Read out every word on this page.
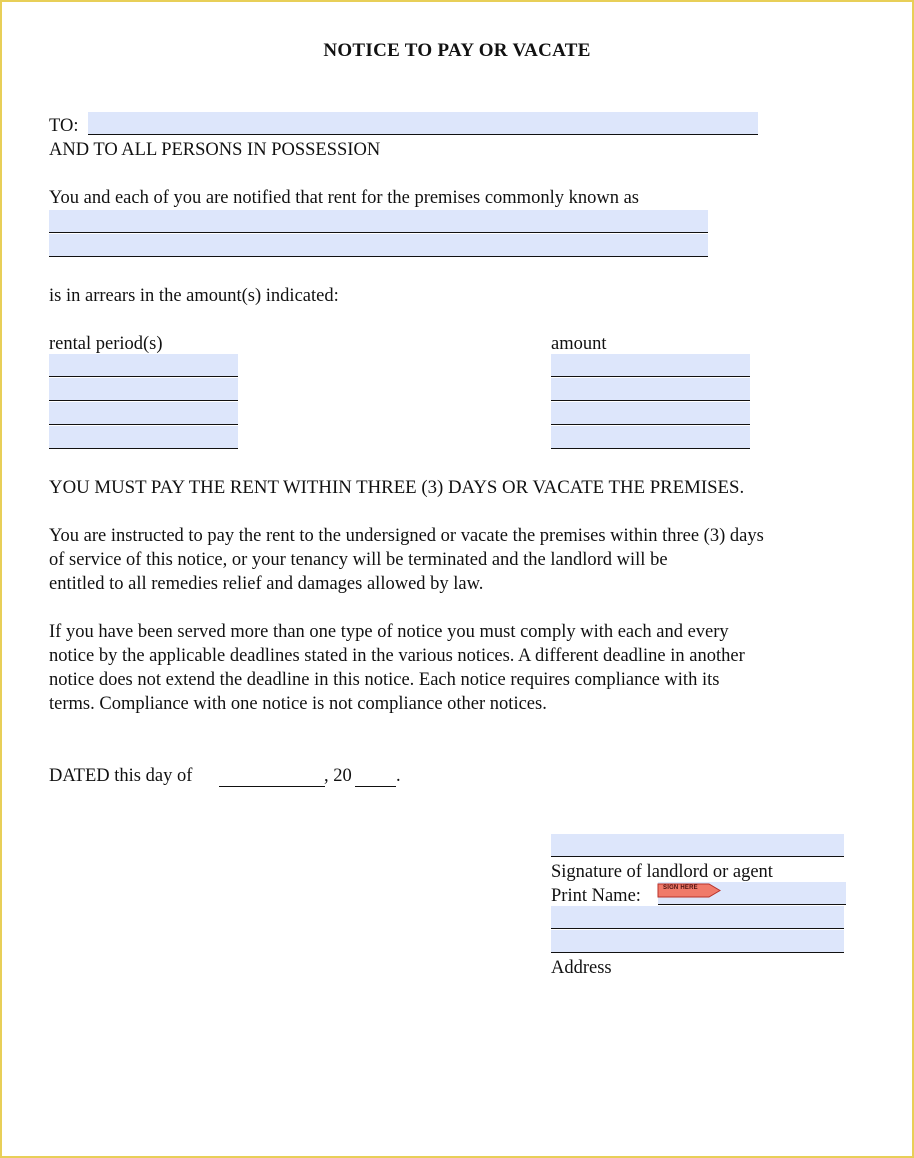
NOTICE TO PAY OR VACATE
TO:
AND TO ALL PERSONS IN POSSESSION
You and each of you are notified that rent for the premises commonly known as
is in arrears in the amount(s) indicated:
rental period(s)	amount
YOU MUST PAY THE RENT WITHIN THREE (3) DAYS OR VACATE THE PREMISES.
You are instructed to pay the rent to the undersigned or vacate the premises within three (3) days
of service of this notice, or your tenancy will be terminated and the landlord will be
entitled to all remedies relief and damages allowed by law.
If you have been served more than one type of notice you must comply with each and every
notice by the applicable deadlines stated in the various notices. A different deadline in another
notice does not extend the deadline in this notice. Each notice requires compliance with its
terms. Compliance with one notice is not compliance other notices.
DATED this day of	, 20 .
Signature of landlord or agent
Print Name:
Address
SIGN HERE
